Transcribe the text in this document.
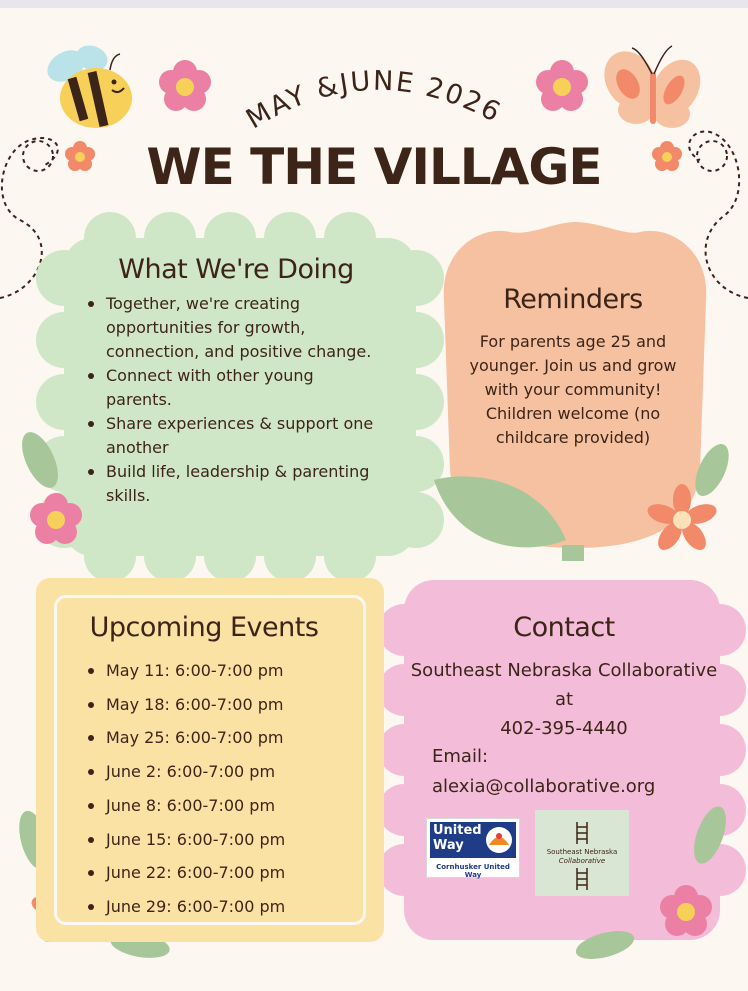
MAY &JUNE 2026
WE THE VILLAGE
What We're Doing
Together, we're creating opportunities for growth, connection, and positive change.
Connect with other young parents.
Share experiences & support one another
Build life, leadership & parenting skills.
Reminders
For parents age 25 and younger. Join us and grow with your community! Children welcome (no childcare provided)
Upcoming Events
May 11: 6:00-7:00 pm
May 18: 6:00-7:00 pm
May 25: 6:00-7:00 pm
June 2: 6:00-7:00 pm
June 8: 6:00-7:00 pm
June 15: 6:00-7:00 pm
June 22: 6:00-7:00 pm
June 29: 6:00-7:00 pm
Contact
Southeast Nebraska Collaborative at
402-395-4440
Email:
alexia@collaborative.org
United
Way
Cornhusker United Way
Southeast Nebraska
Collaborative
